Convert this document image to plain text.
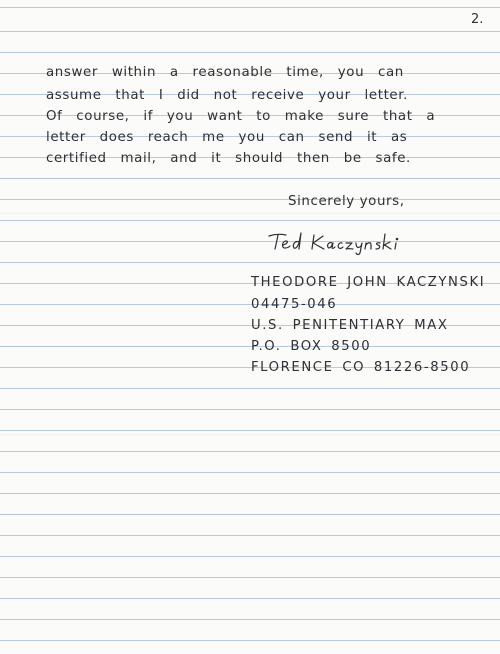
2.

answer within a reasonable time, you can

assume that I did not receive your letter.

Of course, if you want to make sure that a

letter does reach me you can send it as

certified mail, and it should then be safe.

Sincerely yours,
THEODORE JOHN KACZYNSKI
04475-046
U.S. PENITENTIARY MAX
P.O. BOX 8500
FLORENCE CO 81226-8500
